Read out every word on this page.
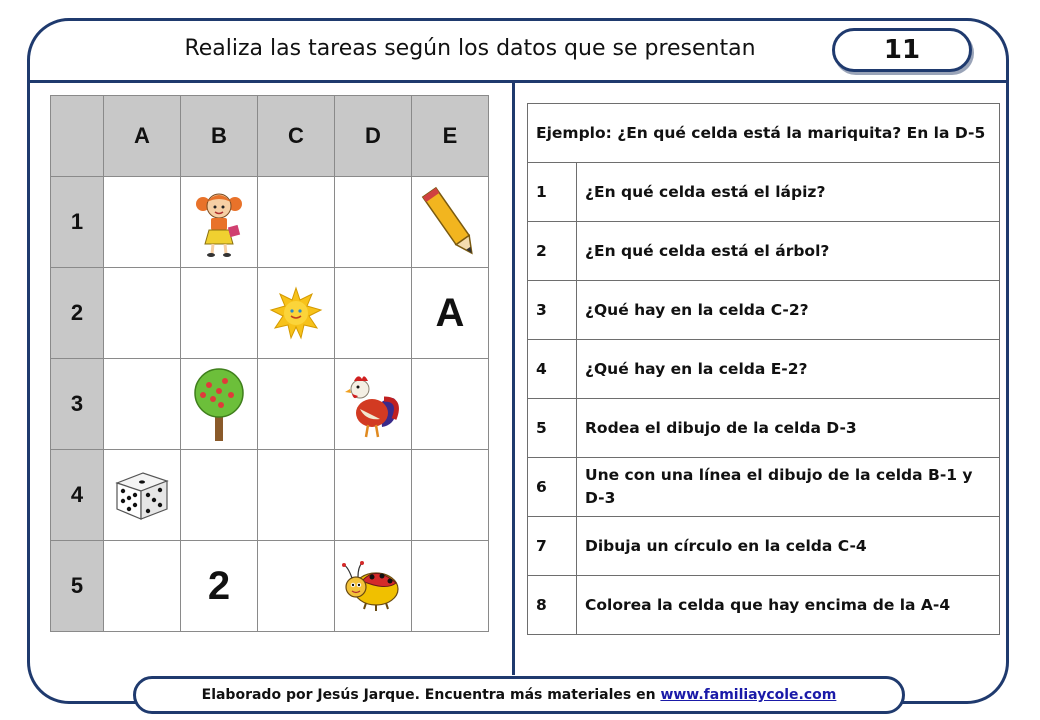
Realiza las tareas según los datos que se presentan	11
	A	B	C	D	E
1		

2					A
3		

4	

5		2		

Ejemplo: ¿En qué celda está la mariquita? En la D-5	
1	¿En qué celda está el lápiz?
2	¿En qué celda está el árbol?
3	¿Qué hay en la celda C-2?
4	¿Qué hay en la celda E-2?
5	Rodea el dibujo de la celda D-3
6	Une con una línea el dibujo de la celda B-1 y D-3
7	Dibuja un círculo en la celda C-4
8	Colorea la celda que hay encima de la A-4
Elaborado por Jesús Jarque. Encuentra más materiales en www.familiaycole.com
